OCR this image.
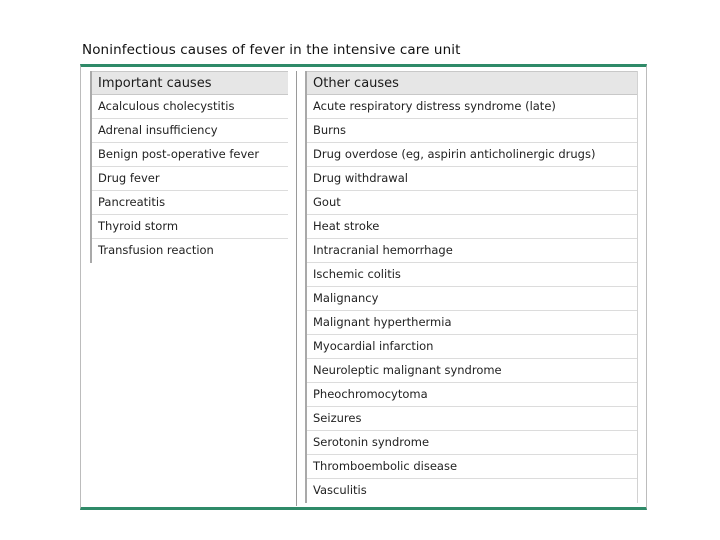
Noninfectious causes of fever in the intensive care unit
Important causes
Acalculous cholecystitis
Adrenal insufficiency
Benign post-operative fever
Drug fever
Pancreatitis
Thyroid storm
Transfusion reaction
Other causes
Acute respiratory distress syndrome (late)
Burns
Drug overdose (eg, aspirin anticholinergic drugs)
Drug withdrawal
Gout
Heat stroke
Intracranial hemorrhage
Ischemic colitis
Malignancy
Malignant hyperthermia
Myocardial infarction
Neuroleptic malignant syndrome
Pheochromocytoma
Seizures
Serotonin syndrome
Thromboembolic disease
Vasculitis
